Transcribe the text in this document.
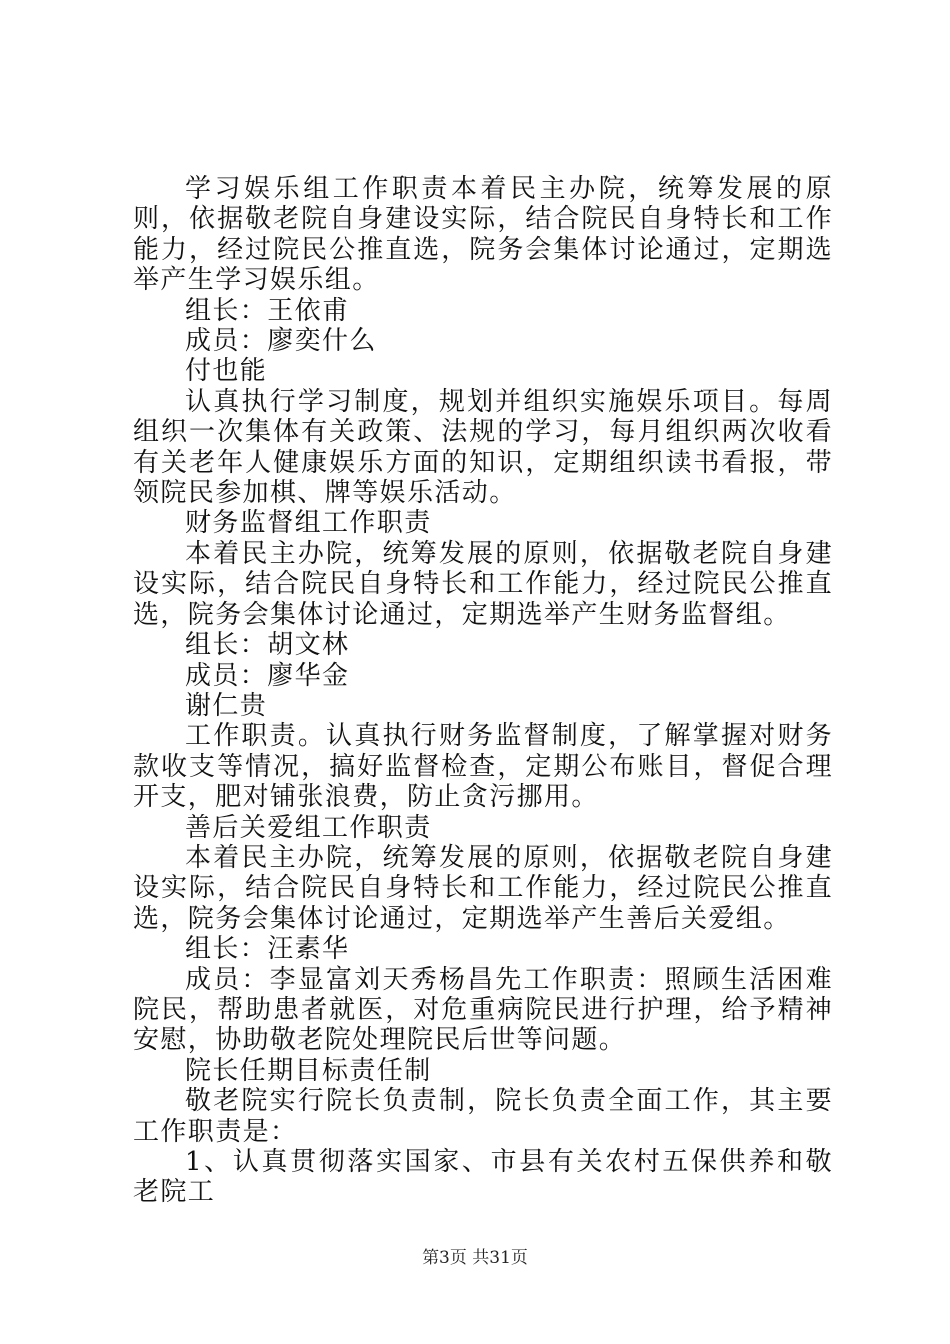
学习娱乐组工作职责本着民主办院，统筹发展的原则，依据敬老院自身建设实际，结合院民自身特长和工作能力，经过院民公推直选，院务会集体讨论通过，定期选举产生学习娱乐组。

组长：王依甫

成员：廖奕什么

付也能

认真执行学习制度，规划并组织实施娱乐项目。每周组织一次集体有关政策、法规的学习，每月组织两次收看有关老年人健康娱乐方面的知识，定期组织读书看报，带领院民参加棋、牌等娱乐活动。

财务监督组工作职责

本着民主办院，统筹发展的原则，依据敬老院自身建设实际，结合院民自身特长和工作能力，经过院民公推直选，院务会集体讨论通过，定期选举产生财务监督组。

组长：胡文林

成员：廖华金

谢仁贵

工作职责。认真执行财务监督制度，了解掌握对财务款收支等情况，搞好监督检查，定期公布账目，督促合理开支，肥对铺张浪费，防止贪污挪用。

善后关爱组工作职责

本着民主办院，统筹发展的原则，依据敬老院自身建设实际，结合院民自身特长和工作能力，经过院民公推直选，院务会集体讨论通过，定期选举产生善后关爱组。

组长：汪素华

成员：李显富刘天秀杨昌先工作职责：照顾生活困难院民，帮助患者就医，对危重病院民进行护理，给予精神安慰，协助敬老院处理院民后世等问题。

院长任期目标责任制

敬老院实行院长负责制，院长负责全面工作，其主要工作职责是：

1、认真贯彻落实国家、市县有关农村五保供养和敬老院工

第3页 共31页
